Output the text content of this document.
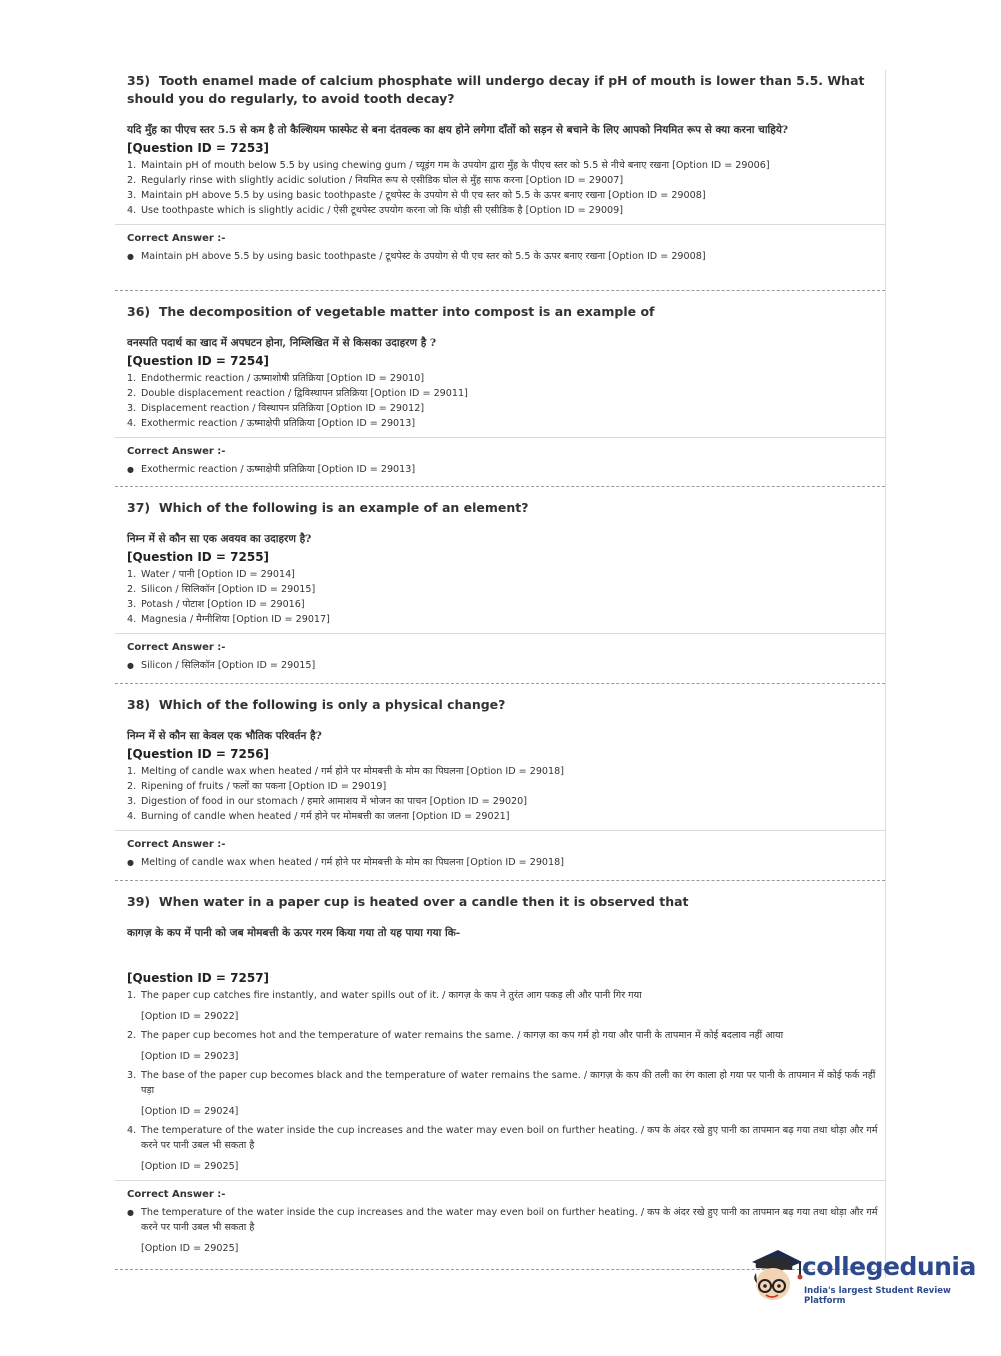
35) Tooth enamel made of calcium phosphate will undergo decay if pH of mouth is lower than 5.5. What should you do regularly, to avoid tooth decay?
यदि मुँह का पीएच स्तर 5.5 से कम है तो कैल्शियम फास्फेट से बना दंतवल्क का क्षय होने लगेगा दाँतों को सड़न से बचाने के लिए आपको नियमित रूप से क्या करना चाहिये?
[Question ID = 7253]
1. Maintain pH of mouth below 5.5 by using chewing gum / च्यूइंग गम के उपयोग द्वारा मुँह के पीएच स्तर को 5.5 से नीचे बनाए रखना [Option ID = 29006]
2. Regularly rinse with slightly acidic solution / नियमित रूप से एसीडिक घोल से मुँह साफ करना [Option ID = 29007]
3. Maintain pH above 5.5 by using basic toothpaste / टूथपेस्ट के उपयोग से पी एच स्तर को 5.5 के ऊपर बनाए रखना [Option ID = 29008]
4. Use toothpaste which is slightly acidic / ऐसी टूथपेस्ट उपयोग करना जो कि थोड़ी सी एसीडिक है [Option ID = 29009]
Correct Answer :-
● Maintain pH above 5.5 by using basic toothpaste / टूथपेस्ट के उपयोग से पी एच स्तर को 5.5 के ऊपर बनाए रखना [Option ID = 29008]
36) The decomposition of vegetable matter into compost is an example of
वनस्पति पदार्थ का खाद में अपघटन होना, निम्लिखित में से किसका उदाहरण है ?
[Question ID = 7254]
1. Endothermic reaction / ऊष्माशोषी प्रतिक्रिया [Option ID = 29010]
2. Double displacement reaction / द्विविस्थापन प्रतिक्रिया [Option ID = 29011]
3. Displacement reaction / विस्थापन प्रतिक्रिया [Option ID = 29012]
4. Exothermic reaction / ऊष्माक्षेपी प्रतिक्रिया [Option ID = 29013]
Correct Answer :-
● Exothermic reaction / ऊष्माक्षेपी प्रतिक्रिया [Option ID = 29013]
37) Which of the following is an example of an element?
निम्न में से कौन सा एक अवयव का उदाहरण है?
[Question ID = 7255]
1. Water / पानी [Option ID = 29014]
2. Silicon / सिलिकॉन [Option ID = 29015]
3. Potash / पोटाश [Option ID = 29016]
4. Magnesia / मैग्नीशिया [Option ID = 29017]
Correct Answer :-
● Silicon / सिलिकॉन [Option ID = 29015]
38) Which of the following is only a physical change?
निम्न में से कौन सा केवल एक भौतिक परिवर्तन है?
[Question ID = 7256]
1. Melting of candle wax when heated / गर्म होने पर मोमबत्ती के मोम का पिघलना [Option ID = 29018]
2. Ripening of fruits / फलों का पकना [Option ID = 29019]
3. Digestion of food in our stomach / हमारे आमाशय में भोजन का पाचन [Option ID = 29020]
4. Burning of candle when heated / गर्म होने पर मोमबत्ती का जलना [Option ID = 29021]
Correct Answer :-
● Melting of candle wax when heated / गर्म होने पर मोमबत्ती के मोम का पिघलना [Option ID = 29018]
39) When water in a paper cup is heated over a candle then it is observed that
कागज़ के कप में पानी को जब मोमबत्ती के ऊपर गरम किया गया तो यह पाया गया कि-
[Question ID = 7257]
1. The paper cup catches fire instantly, and water spills out of it. / कागज़ के कप ने तुरंत आग पकड़ ली और पानी गिर गया
[Option ID = 29022]
2. The paper cup becomes hot and the temperature of water remains the same. / कागज़ का कप गर्म हो गया और पानी के तापमान में कोई बदलाव नहीं आया
[Option ID = 29023]
3. The base of the paper cup becomes black and the temperature of water remains the same. / कागज़ के कप की तली का रंग काला हो गया पर पानी के तापमान में कोई फर्क नहीं पड़ा
[Option ID = 29024]
4. The temperature of the water inside the cup increases and the water may even boil on further heating. / कप के अंदर रखे हुए पानी का तापमान बढ़ गया तथा थोड़ा और गर्म करने पर पानी उबल भी सकता है
[Option ID = 29025]
Correct Answer :-
● The temperature of the water inside the cup increases and the water may even boil on further heating. / कप के अंदर रखे हुए पानी का तापमान बढ़ गया तथा थोड़ा और गर्म करने पर पानी उबल भी सकता है
[Option ID = 29025]
collegedunia
India's largest Student Review Platform
